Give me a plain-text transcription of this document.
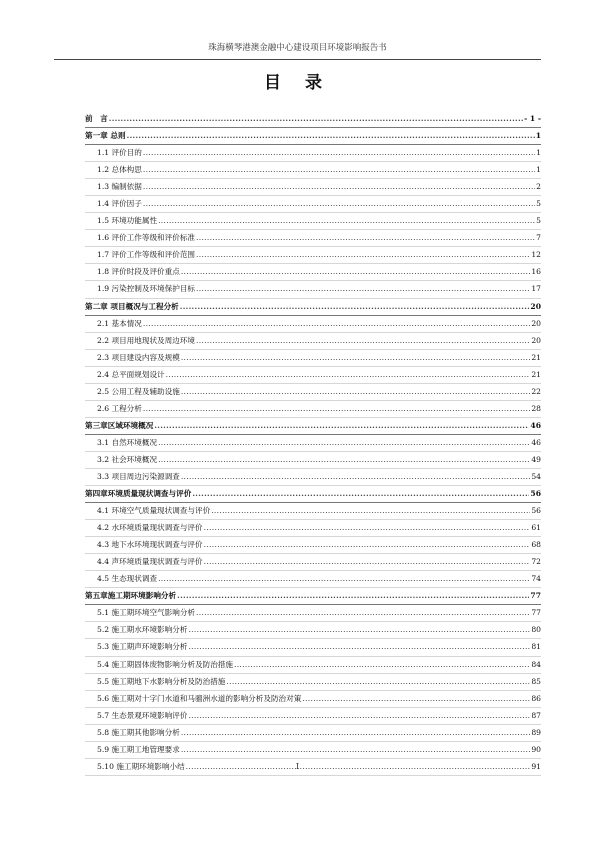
珠海横琴港澳金融中心建设项目环境影响报告书
目 录
前　言 .....	- 1 -
第一章 总则 .....	1
1.1 评价目的 .....	1
1.2 总体构思 .....	1
1.3 编制依据 .....	2
1.4 评价因子 .....	5
1.5 环境功能属性 .....	5
1.6 评价工作等级和评价标准 .....	7
1.7 评价工作等级和评价范围 .....	12
1.8 评价时段及评价重点 .....	16
1.9 污染控制及环境保护目标 .....	17
第二章 项目概况与工程分析 .....	20
2.1 基本情况 .....	20
2.2 项目用地现状及周边环境 .....	20
2.3 项目建设内容及规模 .....	21
2.4 总平面规划设计 .....	21
2.5 公用工程及辅助设施 .....	22
2.6 工程分析 .....	28
第三章区域环境概况 .....	46
3.1 自然环境概况 .....	46
3.2 社会环境概况 .....	49
3.3 项目周边污染源调查 .....	54
第四章环境质量现状调查与评价 .....	56
4.1 环境空气质量现状调查与评价 .....	56
4.2 水环境质量现状调查与评价 .....	61
4.3 地下水环境现状调查与评价 .....	68
4.4 声环境质量现状调查与评价 .....	72
4.5 生态现状调查 .....	74
第五章施工期环境影响分析 .....	77
5.1 施工期环境空气影响分析 .....	77
5.2 施工期水环境影响分析 .....	80
5.3 施工期声环境影响分析 .....	81
5.4 施工期固体废物影响分析及防治措施 .....	84
5.5 施工期地下水影响分析及防治措施 .....	85
5.6 施工期对十字门水道和马骝洲水道的影响分析及防治对策 .....	86
5.7 生态景观环境影响评价 .....	87
5.8 施工期其他影响分析 .....	89
5.9 施工期工地管理要求 .....	90
5.10 施工期环境影响小结 .....	91
I
